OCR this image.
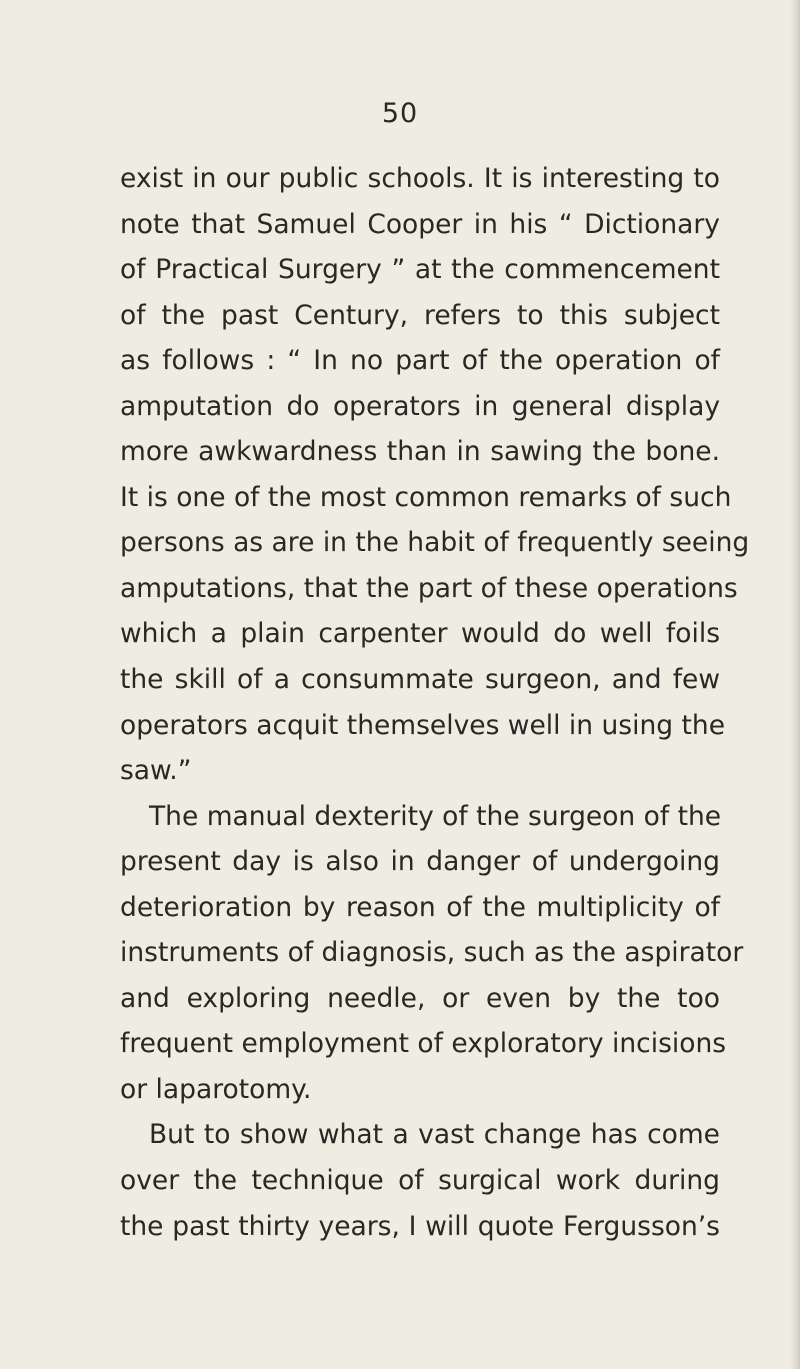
50
exist in our public schools. It is interesting to
note that Samuel Cooper in his “ Dictionary
of Practical Surgery ” at the commencement
of the past Century, refers to this subject
as follows : “ In no part of the operation of
amputation do operators in general display
more awkwardness than in sawing the bone.
It is one of the most common remarks of such
persons as are in the habit of frequently seeing
amputations, that the part of these operations
which a plain carpenter would do well foils
the skill of a consummate surgeon, and few
operators acquit themselves well in using the
saw.”
The manual dexterity of the surgeon of the
present day is also in danger of undergoing
deterioration by reason of the multiplicity of
instruments of diagnosis, such as the aspirator
and exploring needle, or even by the too
frequent employment of exploratory incisions
or laparotomy.
But to show what a vast change has come
over the technique of surgical work during
the past thirty years, I will quote Fergusson’s
